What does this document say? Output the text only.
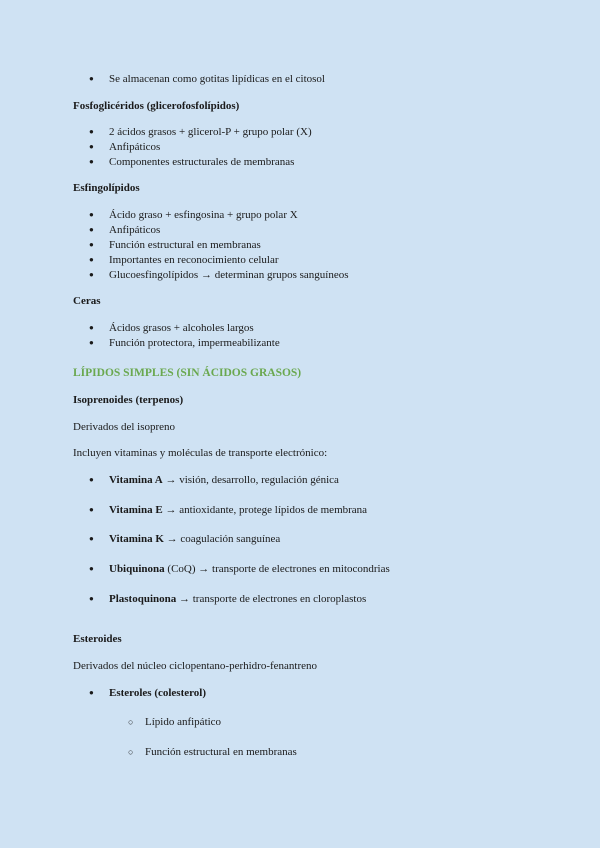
● Se almacenan como gotitas lipídicas en el citosol
Fosfoglicéridos (glicerofosfolípidos)
● 2 ácidos grasos + glicerol-P + grupo polar (X)
● Anfipáticos
● Componentes estructurales de membranas
Esfingolípidos
● Ácido graso + esfingosina + grupo polar X
● Anfipáticos
● Función estructural en membranas
● Importantes en reconocimiento celular
● Glucoesfingolípidos → determinan grupos sanguíneos
Ceras
● Ácidos grasos + alcoholes largos
● Función protectora, impermeabilizante
LÍPIDOS SIMPLES (SIN ÁCIDOS GRASOS)
Isoprenoides (terpenos)
Derivados del isopreno
Incluyen vitaminas y moléculas de transporte electrónico:
● Vitamina A → visión, desarrollo, regulación génica
● Vitamina E → antioxidante, protege lípidos de membrana
● Vitamina K → coagulación sanguínea
● Ubiquinona (CoQ) → transporte de electrones en mitocondrias
● Plastoquinona → transporte de electrones en cloroplastos
Esteroides
Derivados del núcleo ciclopentano-perhidro-fenantreno
● Esteroles (colesterol)
○ Lípido anfipático
○ Función estructural en membranas
